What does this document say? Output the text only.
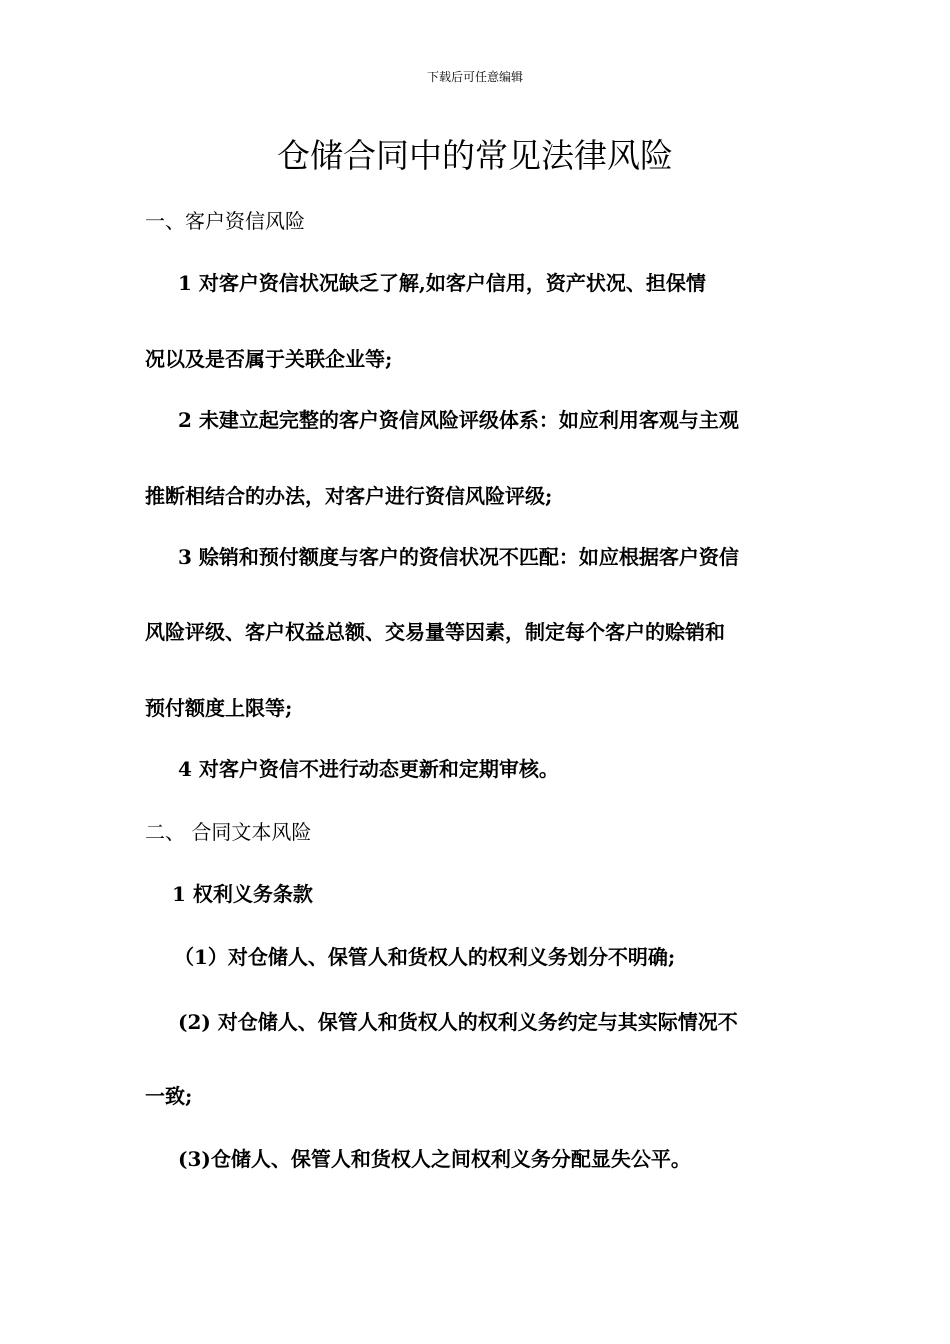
下载后可任意编辑
仓储合同中的常见法律风险
一、客户资信风险
1 对客户资信状况缺乏了解,如客户信用，资产状况、担保情
况以及是否属于关联企业等;
2 未建立起完整的客户资信风险评级体系：如应利用客观与主观
推断相结合的办法，对客户进行资信风险评级;
3 赊销和预付额度与客户的资信状况不匹配：如应根据客户资信
风险评级、客户权益总额、交易量等因素，制定每个客户的赊销和
预付额度上限等;
4 对客户资信不进行动态更新和定期审核。
二、 合同文本风险
1 权利义务条款
（1）对仓储人、保管人和货权人的权利义务划分不明确;
(2) 对仓储人、保管人和货权人的权利义务约定与其实际情况不
一致;
(3)仓储人、保管人和货权人之间权利义务分配显失公平。
